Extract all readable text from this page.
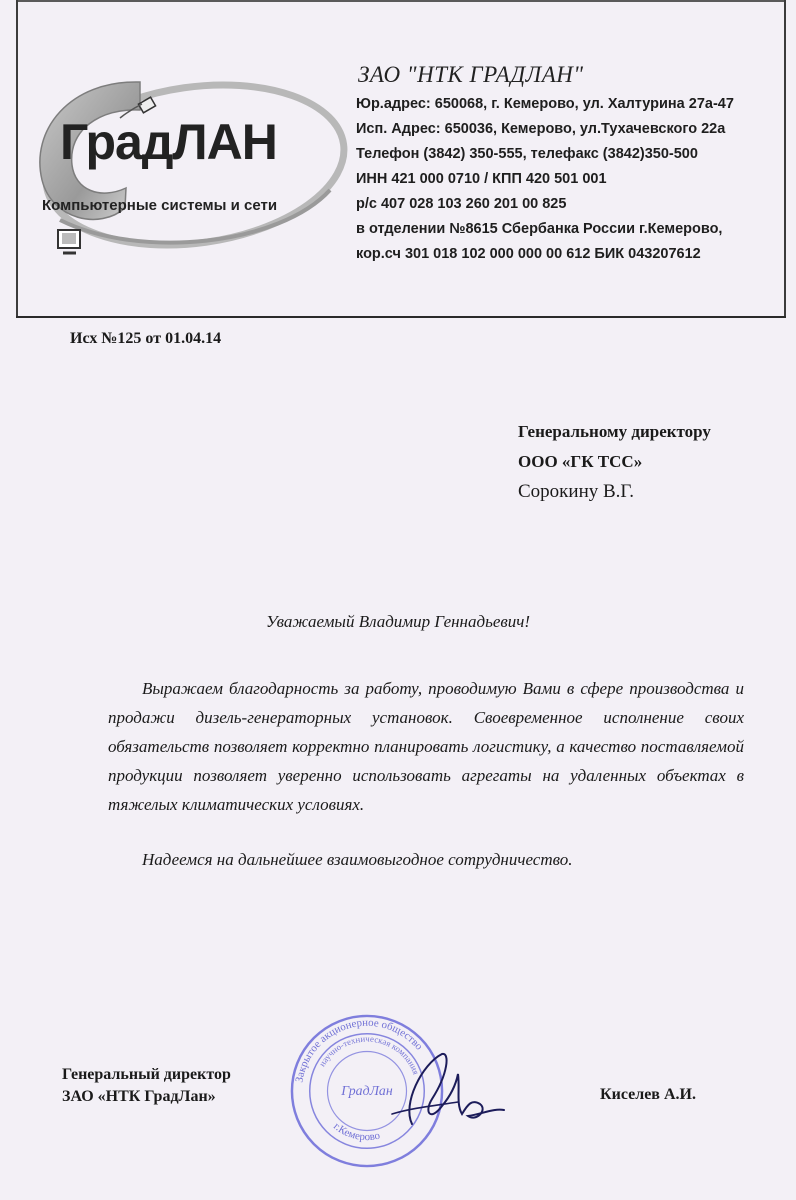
ГрадЛАН
Компьютерные системы и сети
ЗАО "НТК ГРАДЛАН"
Юр.адрес: 650068, г. Кемерово, ул. Халтурина 27а-47
Исп. Адрес: 650036, Кемерово, ул.Тухачевского 22а
Телефон (3842) 350-555, телефакс (3842)350-500
ИНН 421 000 0710 / КПП 420 501 001
р/с 407 028 103 260 201 00 825
в отделении №8615 Сбербанка России г.Кемерово,
кор.сч 301 018 102 000 000 00 612 БИК 043207612
Исх №125 от 01.04.14
Генеральному директору
ООО «ГК ТСС»
Сорокину В.Г.
Уважаемый Владимир Геннадьевич!
Выражаем благодарность за работу, проводимую Вами в сфере производства и продажи дизель-генераторных установок. Своевременное исполнение своих обязательств позволяет корректно планировать логистику, а качество поставляемой продукции позволяет уверенно использовать агрегаты на удаленных объектах в тяжелых климатических условиях.
Надеемся на дальнейшее взаимовыгодное сотрудничество.
Генеральный директор
ЗАО «НТК ГрадЛан»	Киселев А.И.
Закрытое акционерное общество
научно-техническая компания
ГрадЛан
г.Кемерово
